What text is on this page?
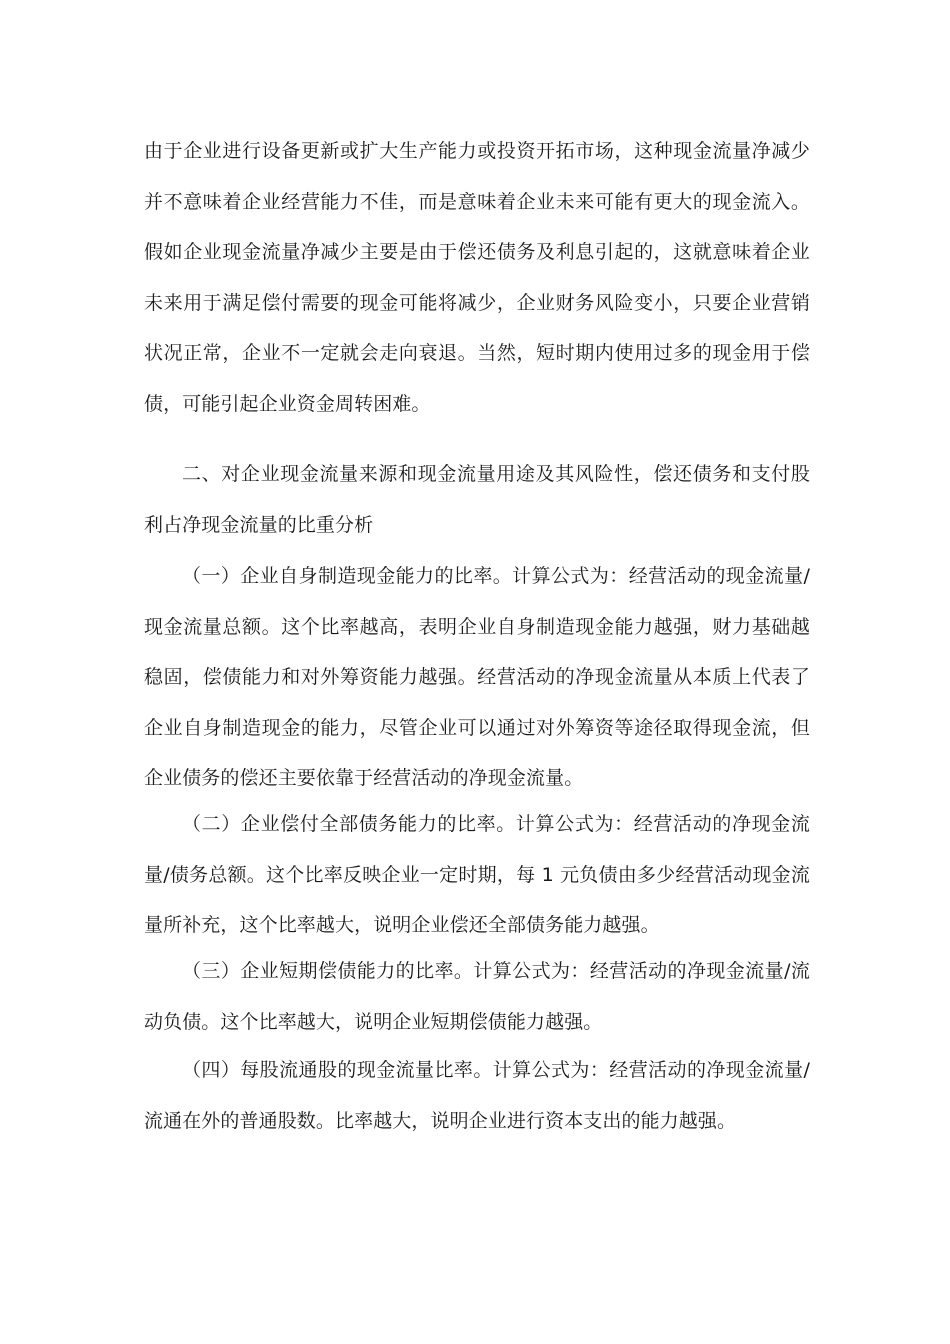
由于企业进行设备更新或扩大生产能力或投资开拓市场，这种现金流量净减少并不意味着企业经营能力不佳，而是意味着企业未来可能有更大的现金流入。假如企业现金流量净减少主要是由于偿还债务及利息引起的，这就意味着企业未来用于满足偿付需要的现金可能将减少，企业财务风险变小，只要企业营销状况正常，企业不一定就会走向衰退。当然，短时期内使用过多的现金用于偿债，可能引起企业资金周转困难。

二、对企业现金流量来源和现金流量用途及其风险性，偿还债务和支付股利占净现金流量的比重分析

（一）企业自身制造现金能力的比率。计算公式为：经营活动的现金流量/现金流量总额。这个比率越高，表明企业自身制造现金能力越强，财力基础越稳固，偿债能力和对外筹资能力越强。经营活动的净现金流量从本质上代表了企业自身制造现金的能力，尽管企业可以通过对外筹资等途径取得现金流，但企业债务的偿还主要依靠于经营活动的净现金流量。

（二）企业偿付全部债务能力的比率。计算公式为：经营活动的净现金流量/债务总额。这个比率反映企业一定时期，每 1 元负债由多少经营活动现金流量所补充，这个比率越大，说明企业偿还全部债务能力越强。

（三）企业短期偿债能力的比率。计算公式为：经营活动的净现金流量/流动负债。这个比率越大，说明企业短期偿债能力越强。

（四）每股流通股的现金流量比率。计算公式为：经营活动的净现金流量/流通在外的普通股数。比率越大，说明企业进行资本支出的能力越强。
